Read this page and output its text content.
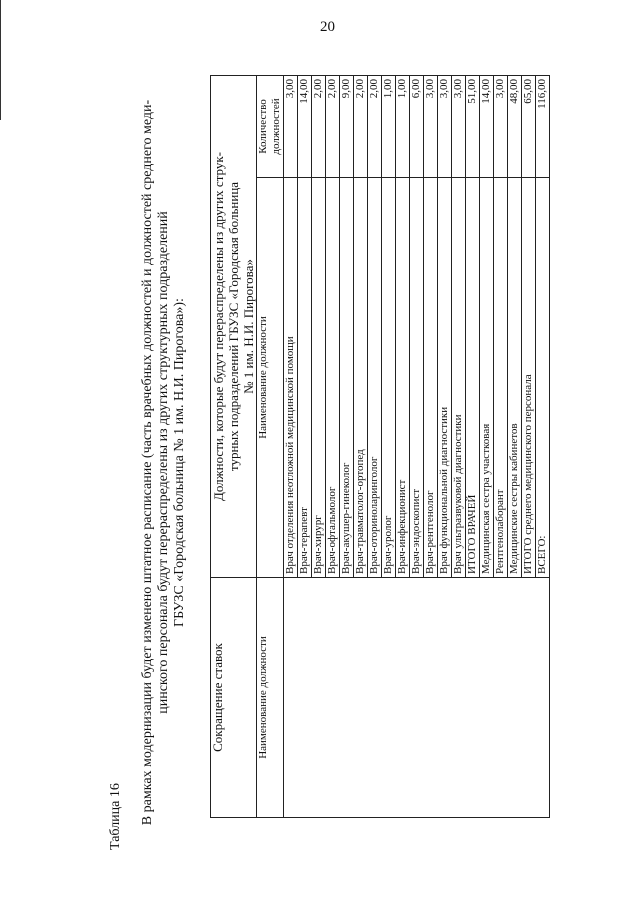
20
Таблица 16 В рамках модернизации будет изменено штатное расписание (часть врачебных должностей и должностей среднего меди- цинского персонала будут перераспределены из других структурных подразделений ГБУЗС «Городская больница № 1 им. Н.И. Пирогова»):
Сокращение ставок	Должности, которые будут перераспределены из других струк- турных подразделений ГБУЗС «Городская больница № 1 им. Н.И. Пирогова»	

Наименование должности	Наименование должности	Количество должностей
	Врач отделения неотложной медицинской помощи	3,00
	Врач-терапевт	14,00
	Врач-хирург	2,00
	Врач-офтальмолог	2,00
	Врач-акушер-гинеколог	9,00
	Врач-травматолог-ортопед	2,00
	Врач-оториноларинголог	2,00
	Врач-уролог	1,00
	Врач-инфекционист	1,00
	Врач-эндоскопист	6,00
	Врач-рентгенолог	3,00
	Врач функциональной диагностики	3,00
	Врач ультразвуковой диагностики	3,00
	ИТОГО ВРАЧЕЙ	51,00
	Медицинская сестра участковая	14,00
	Рентгенолаборант	3,00
	Медицинские сестры кабинетов	48,00
	ИТОГО среднего медицинского персонала	65,00
	ВСЕГО:	116,00
